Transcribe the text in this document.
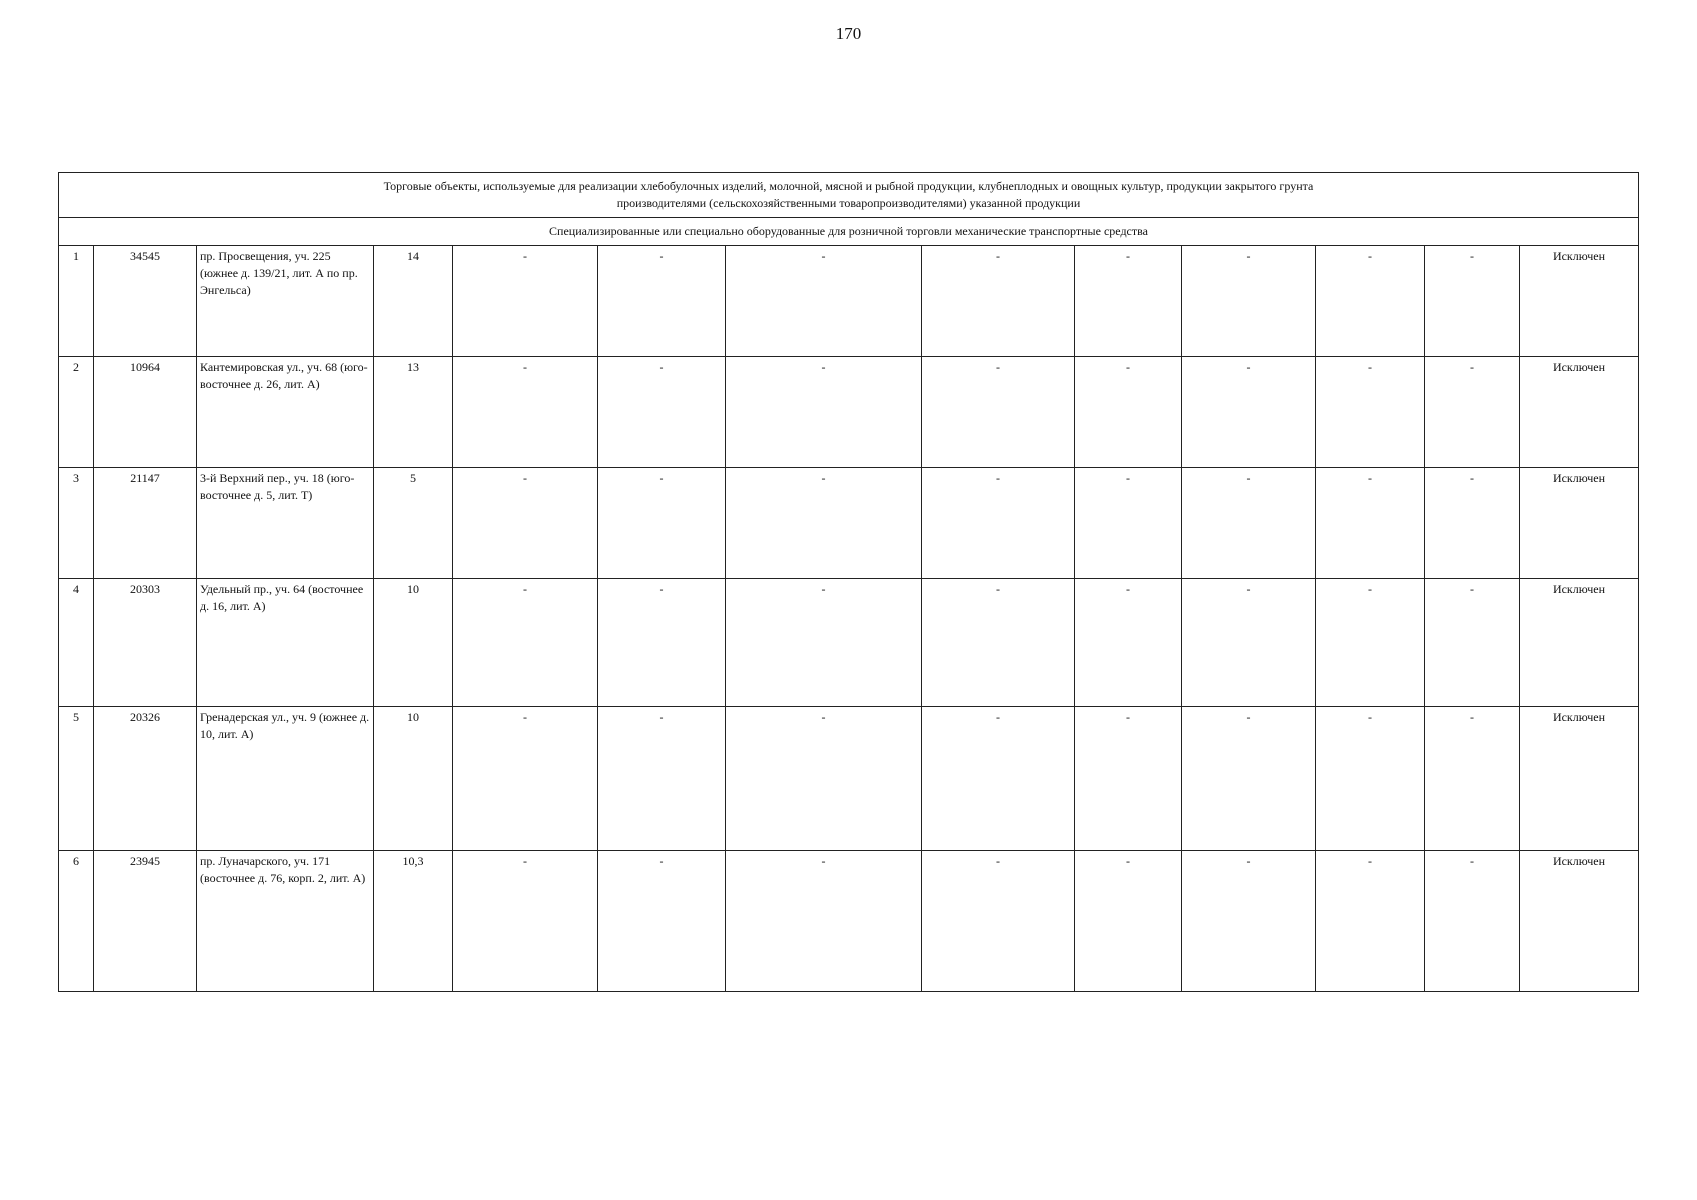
170
Торговые объекты, используемые для реализации хлебобулочных изделий, молочной, мясной и рыбной продукции, клубнеплодных и овощных культур, продукции закрытого грунта
производителями (сельскохозяйственными товаропроизводителями) указанной продукции												

Специализированные или специально оборудованные для розничной торговли механические транспортные средства												
1	34545	пр. Просвещения, уч. 225 (южнее д. 139/21, лит. А по пр. Энгельса)	14	-	-	-	-	-	-	-	-	Исключен
2	10964	Кантемировская ул., уч. 68 (юго-восточнее д. 26, лит. А)	13	-	-	-	-	-	-	-	-	Исключен
3	21147	3-й Верхний пер., уч. 18 (юго-восточнее д. 5, лит. Т)	5	-	-	-	-	-	-	-	-	Исключен
4	20303	Удельный пр., уч. 64 (восточнее д. 16, лит. А)	10	-	-	-	-	-	-	-	-	Исключен
5	20326	Гренадерская ул., уч. 9 (южнее д. 10, лит. А)	10	-	-	-	-	-	-	-	-	Исключен
6	23945	пр. Луначарского, уч. 171 (восточнее д. 76, корп. 2, лит. А)	10,3	-	-	-	-	-	-	-	-	Исключен
